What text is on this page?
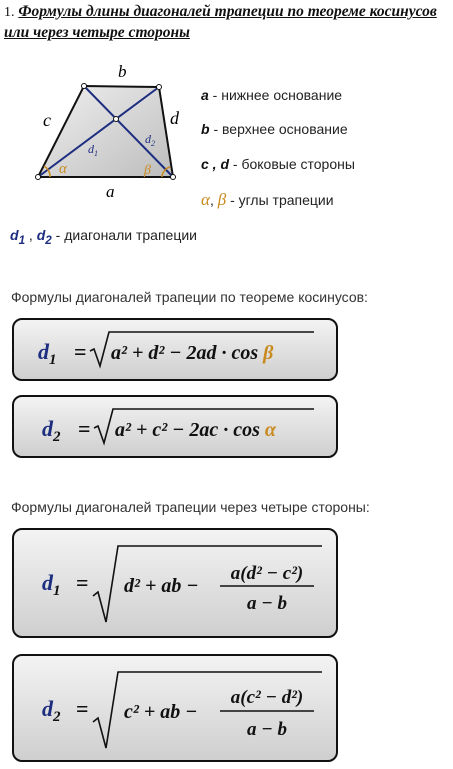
1. Формулы длины диагоналей трапеции по теореме косинусов или через четыре стороны
b
c	d
a
$d_1$
$d_2$
α	β
a - нижнее основание
b - верхнее основание
c , d - боковые стороны
α, β - углы трапеции
$d_1$ , $d_2$ - диагонали трапеции
Формулы диагоналей трапеции по теореме косинусов:
$d_1 = a^2 + d^2 - 2ad \cdot \cos \beta$
$d_2 = a^2 + c^2 - 2ac \cdot \cos \alpha$
Формулы диагоналей трапеции через четыре стороны:
$d_1 = d^2$ + ab −
a(d² − c²)
a − b
$d_2 = c^2$ + ab −
a(c² − d²)
a − b
